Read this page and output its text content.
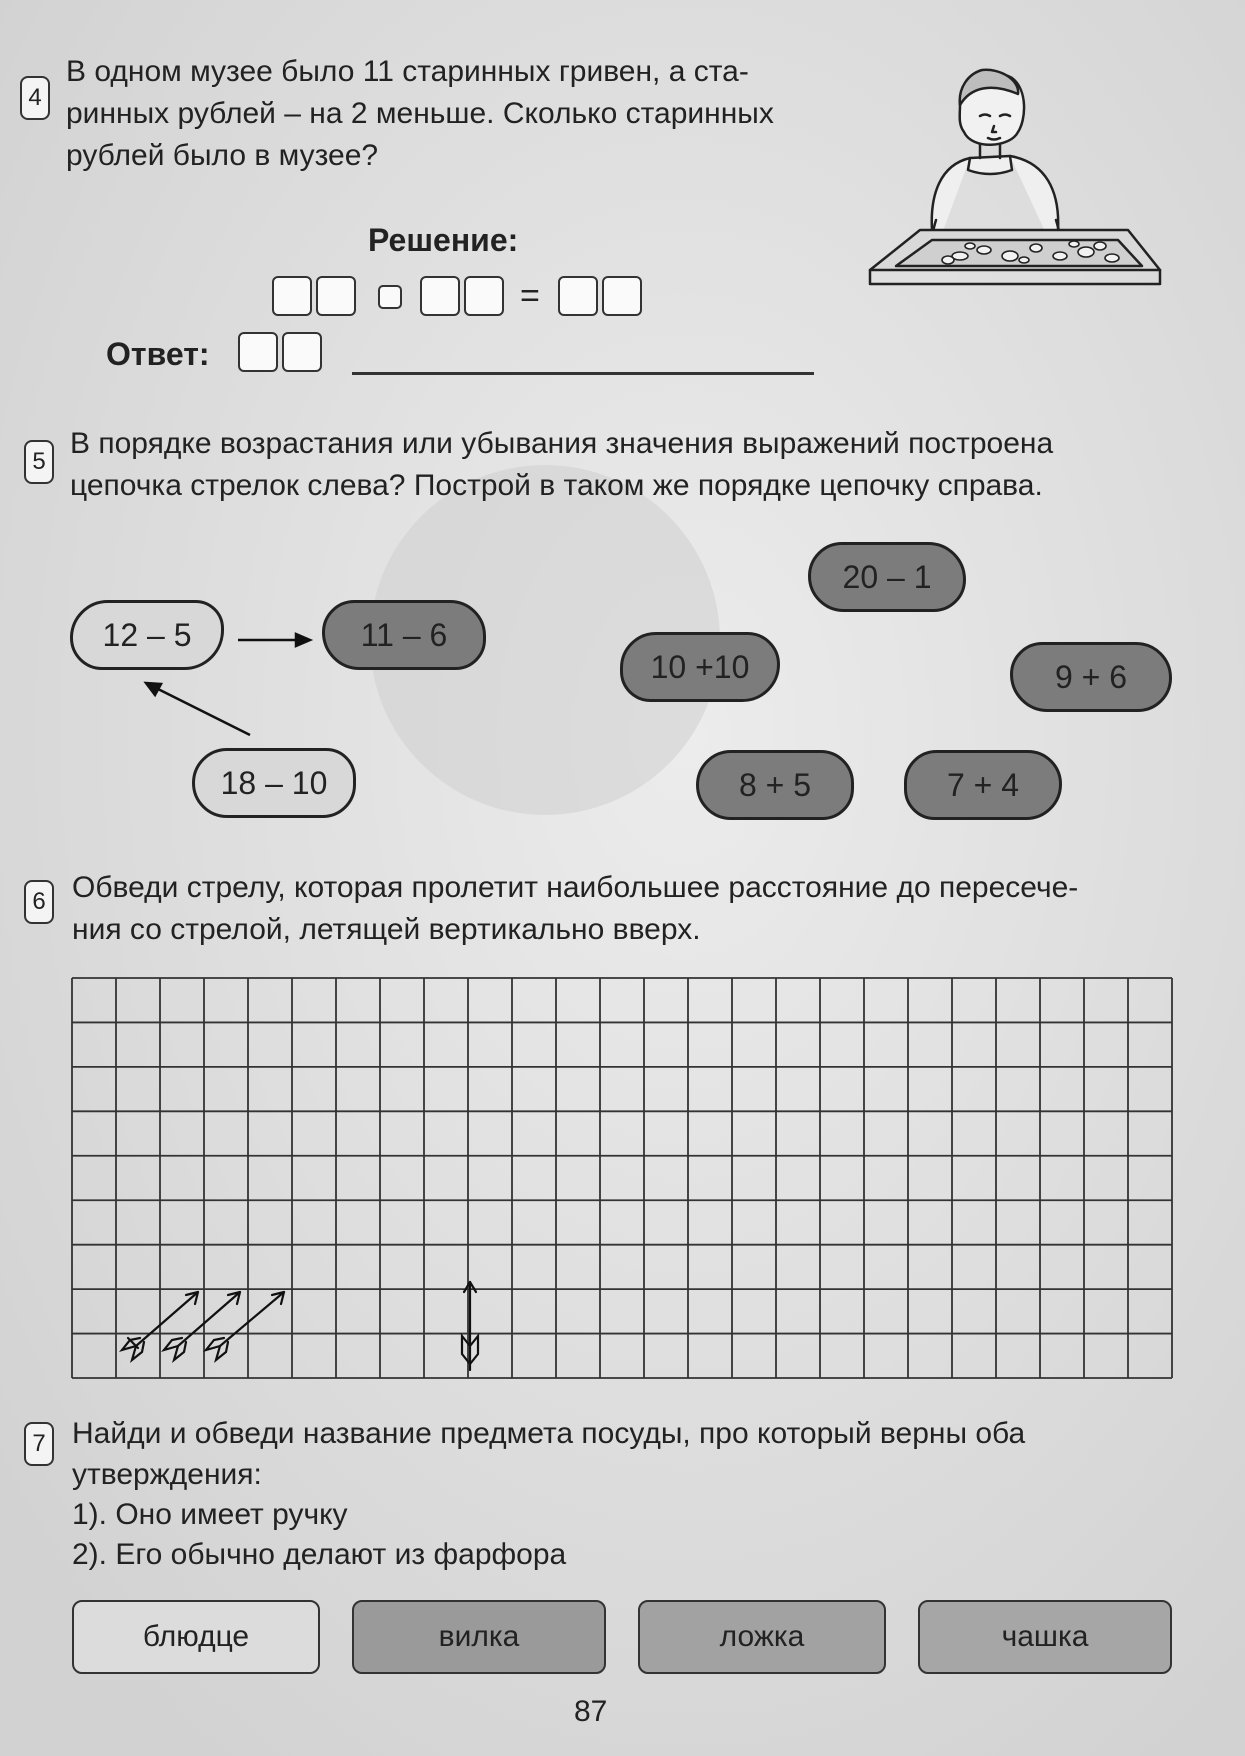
4
В одном музее было 11 старинных гривен, а ста-
ринных рублей – на 2 меньше. Сколько старинных
рублей было в музее?
Решение:
=
Ответ:
5
В порядке возрастания или убывания значения выражений построена
цепочка стрелок слева? Построй в таком же порядке цепочку справа.
12 – 5	11 – 6
18 – 10
20 – 1
10 +10	9 + 6
8 + 5	7 + 4
6 Обведи стрелу, которая пролетит наибольшее расстояние до пересече-
ния со стрелой, летящей вертикально вверх.
7 Найди и обведи название предмета посуды, про который верны оба
утверждения:
1). Оно имеет ручку
2). Его обычно делают из фарфора
блюдце	вилка	ложка	чашка
87
